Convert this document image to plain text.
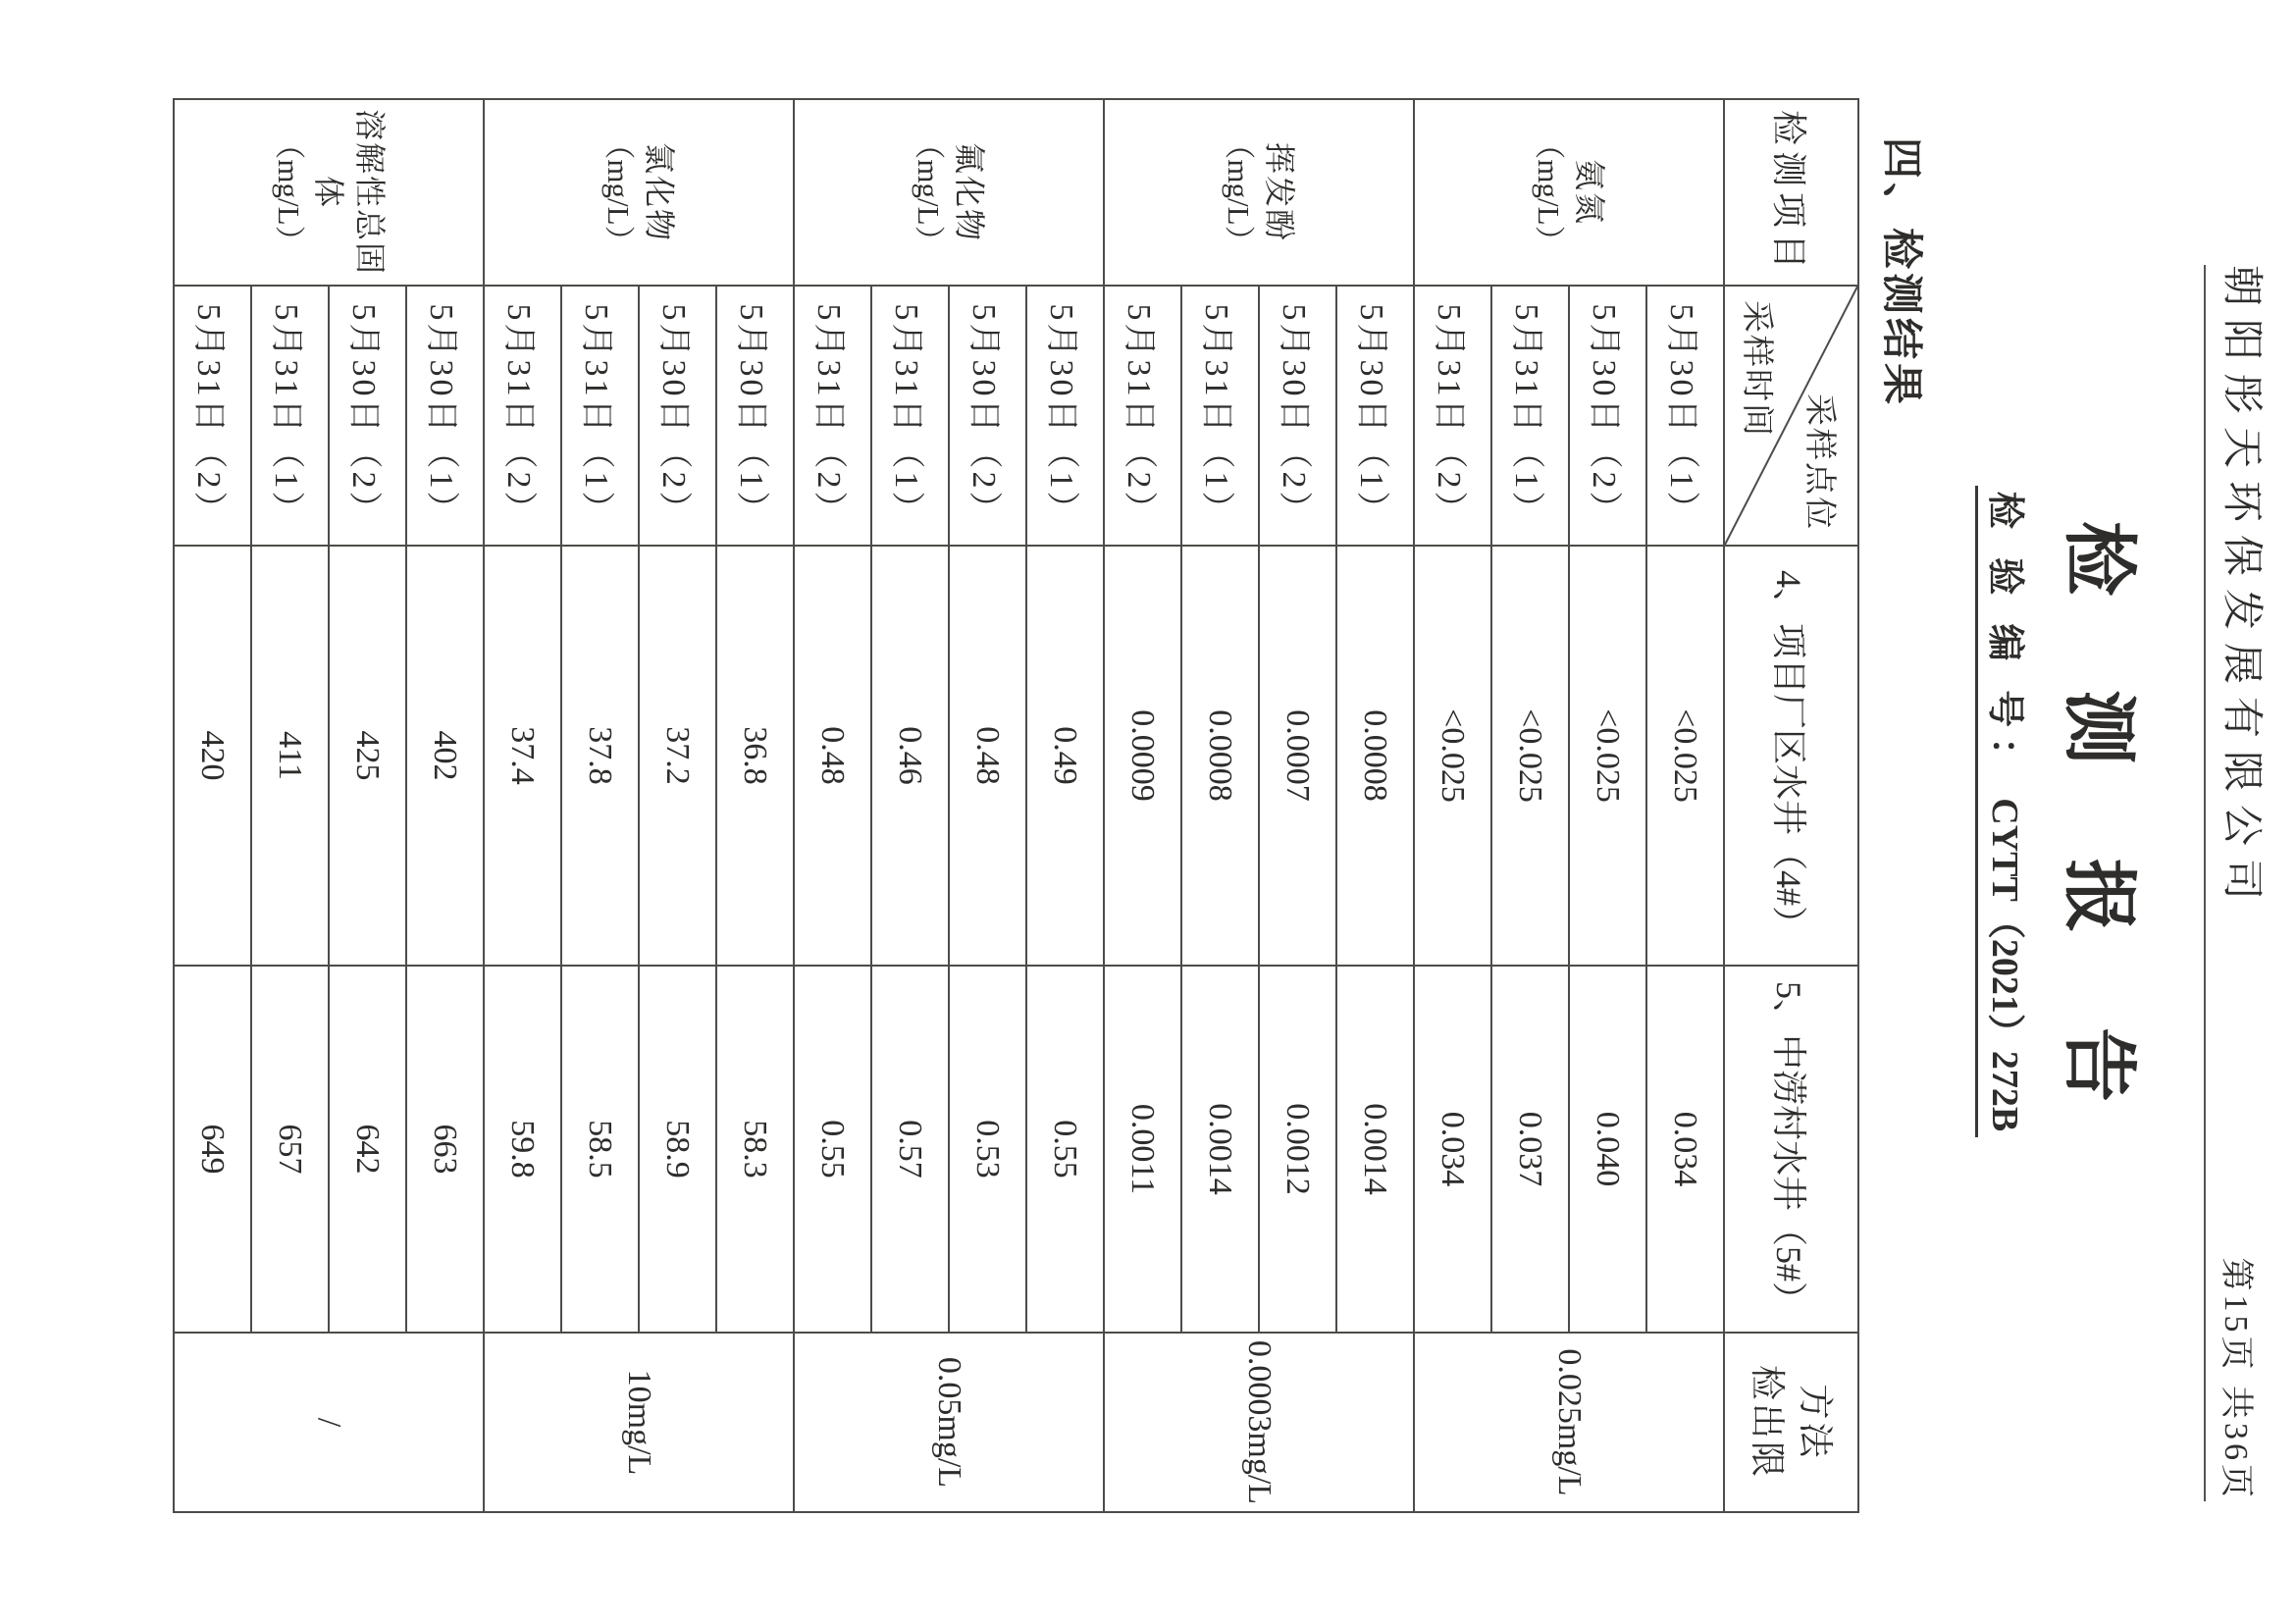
朝阳彤天环保发展有限公司
第15页 共36页
检测报告
检 验 编 号：CYTT（2021）272B
四、检测结果
检测项目	
采样点位
采样时间
	4、项目厂区水井（4#）	5、中涝村水井（5#）	
方法
检出限

氨氮
（mg/L）	5月30日（1）	<0.025	0.034	0.025mg/L
	5月30日（2）	<0.025	0.040	
	5月31日（1）	<0.025	0.037	
	5月31日（2）	<0.025	0.034	

挥发酚
（mg/L）	5月30日（1）	0.0008	0.0014	0.0003mg/L
	5月30日（2）	0.0007	0.0012	
	5月31日（1）	0.0008	0.0014	
	5月31日（2）	0.0009	0.0011	

氟化物
（mg/L）	5月30日（1）	0.49	0.55	0.05mg/L
	5月30日（2）	0.48	0.53	
	5月31日（1）	0.46	0.57	
	5月31日（2）	0.48	0.55	

氯化物
（mg/L）	5月30日（1）	36.8	58.3	10mg/L
	5月30日（2）	37.2	58.9	
	5月31日（1）	37.8	58.5	
	5月31日（2）	37.4	59.8	

溶解性总固体
（mg/L）	5月30日（1）	402	663	/
	5月30日（2）	425	642	
	5月31日（1）	411	657	
	5月31日（2）	420	649	
